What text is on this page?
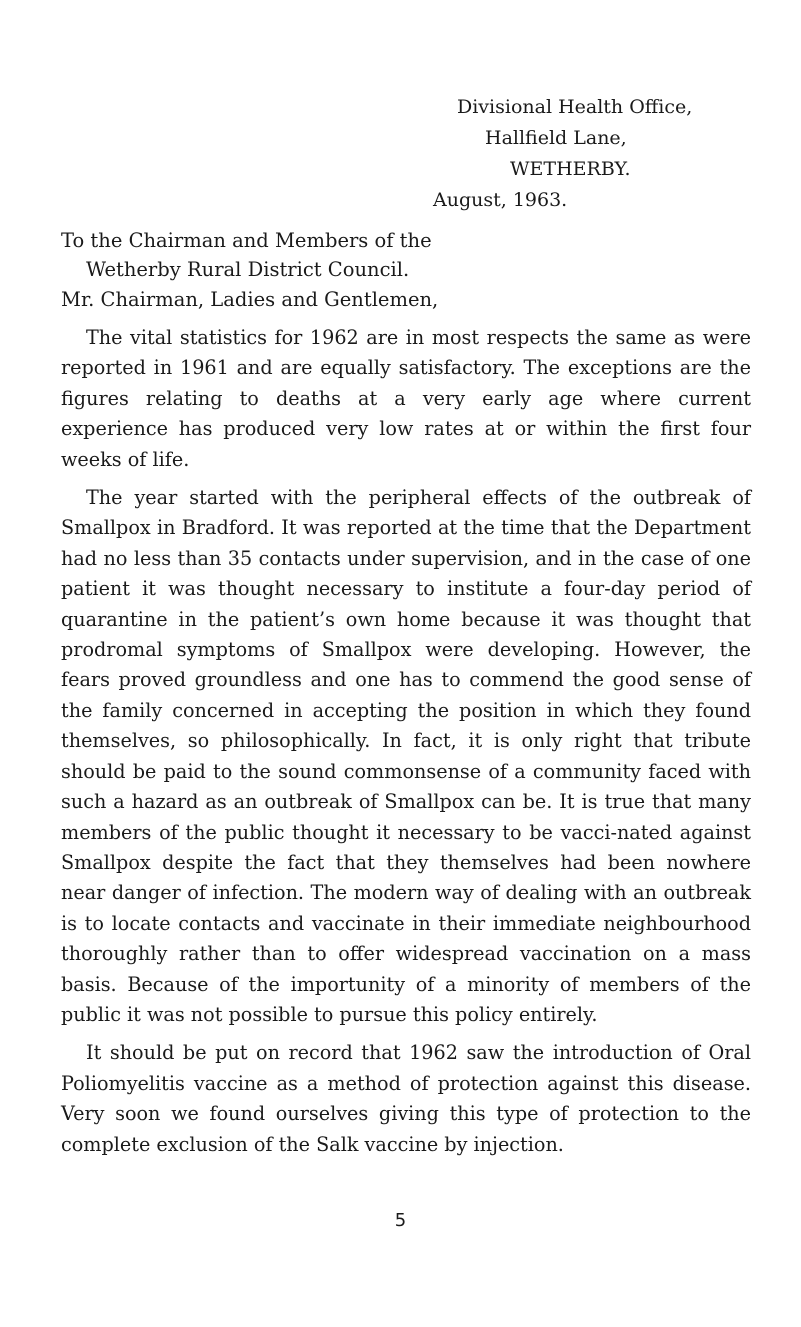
Divisional Health Office,
Hallfield Lane,
WETHERBY.
August, 1963.
To the Chairman and Members of the
Wetherby Rural District Council.
Mr. Chairman, Ladies and Gentlemen,

The vital statistics for 1962 are in most respects the same as were reported in 1961 and are equally satisfactory. The exceptions are the figures relating to deaths at a very early age where current experience has produced very low rates at or within the first four weeks of life.

The year started with the peripheral effects of the outbreak of Smallpox in Bradford. It was reported at the time that the Department had no less than 35 contacts under supervision, and in the case of one patient it was thought necessary to institute a four-day period of quarantine in the patient’s own home because it was thought that prodromal symptoms of Smallpox were developing. However, the fears proved groundless and one has to commend the good sense of the family concerned in accepting the position in which they found themselves, so philosophically. In fact, it is only right that tribute should be paid to the sound commonsense of a community faced with such a hazard as an outbreak of Smallpox can be. It is true that many members of the public thought it necessary to be vacci-nated against Smallpox despite the fact that they themselves had been nowhere near danger of infection. The modern way of dealing with an outbreak is to locate contacts and vaccinate in their immediate neighbourhood thoroughly rather than to offer widespread vaccination on a mass basis. Because of the importunity of a minority of members of the public it was not possible to pursue this policy entirely.

It should be put on record that 1962 saw the introduction of Oral Poliomyelitis vaccine as a method of protection against this disease. Very soon we found ourselves giving this type of protection to the complete exclusion of the Salk vaccine by injection.

5
